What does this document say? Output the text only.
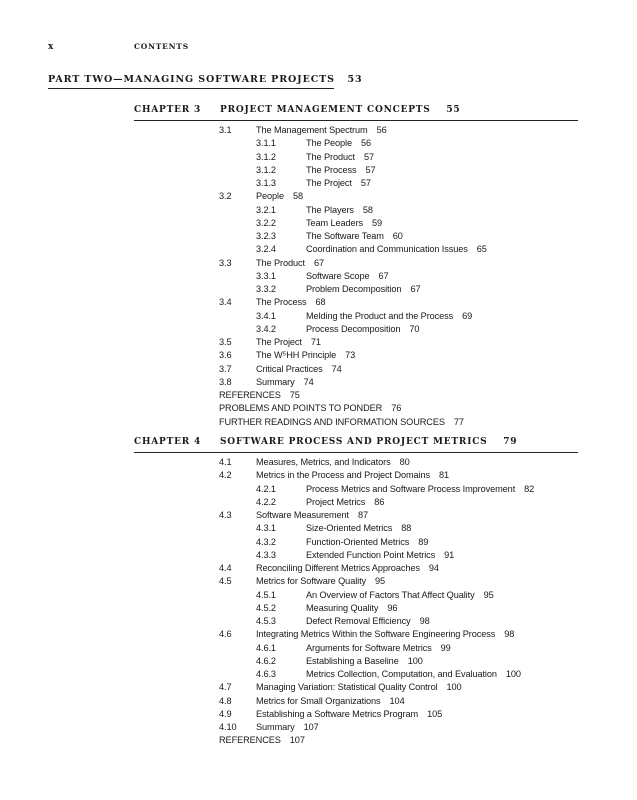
x	CONTENTS
PART TWO—MANAGING SOFTWARE PROJECTS 53
CHAPTER 3 PROJECT MANAGEMENT CONCEPTS 55
3.1	The Management Spectrum 56
3.1.1	The People 56
3.1.2	The Product 57
3.1.2	The Process 57
3.1.3	The Project 57
3.2	People 58
3.2.1	The Players 58
3.2.2	Team Leaders 59
3.2.3	The Software Team 60
3.2.4	Coordination and Communication Issues 65
3.3	The Product 67
3.3.1	Software Scope 67
3.3.2	Problem Decomposition 67
3.4	The Process 68
3.4.1	Melding the Product and the Process 69
3.4.2	Process Decomposition 70
3.5	The Project 71
3.6	The W⁵HH Principle 73
3.7	Critical Practices 74
3.8	Summary 74
REFERENCES 75
PROBLEMS AND POINTS TO PONDER 76
FURTHER READINGS AND INFORMATION SOURCES 77
CHAPTER 4 SOFTWARE PROCESS AND PROJECT METRICS 79
4.1	Measures, Metrics, and Indicators 80
4.2	Metrics in the Process and Project Domains 81
4.2.1	Process Metrics and Software Process Improvement 82
4.2.2	Project Metrics 86
4.3	Software Measurement 87
4.3.1	Size-Oriented Metrics 88
4.3.2	Function-Oriented Metrics 89
4.3.3	Extended Function Point Metrics 91
4.4	Reconciling Different Metrics Approaches 94
4.5	Metrics for Software Quality 95
4.5.1	An Overview of Factors That Affect Quality 95
4.5.2	Measuring Quality 96
4.5.3	Defect Removal Efficiency 98
4.6	Integrating Metrics Within the Software Engineering Process 98
4.6.1	Arguments for Software Metrics 99
4.6.2	Establishing a Baseline 100
4.6.3	Metrics Collection, Computation, and Evaluation 100
4.7	Managing Variation: Statistical Quality Control 100
4.8	Metrics for Small Organizations 104
4.9	Establishing a Software Metrics Program 105
4.10 Summary 107
REFERENCES 107
